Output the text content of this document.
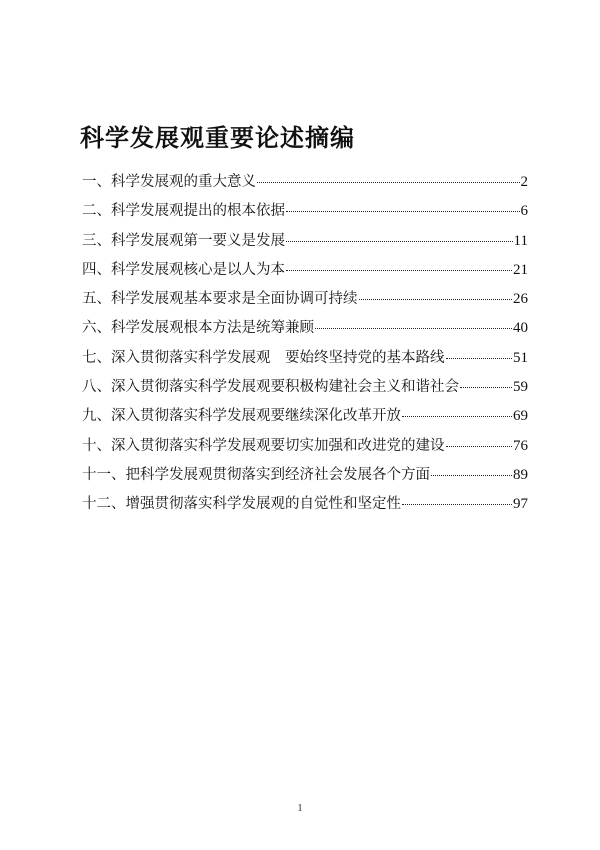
科学发展观重要论述摘编
一、科学发展观的重大意义	2
二、科学发展观提出的根本依据	6
三、科学发展观第一要义是发展	11
四、科学发展观核心是以人为本	21
五、科学发展观基本要求是全面协调可持续	26
六、科学发展观根本方法是统筹兼顾	40
七、深入贯彻落实科学发展观　要始终坚持党的基本路线	51
八、深入贯彻落实科学发展观要积极构建社会主义和谐社会	59
九、深入贯彻落实科学发展观要继续深化改革开放	69
十、深入贯彻落实科学发展观要切实加强和改进党的建设	76
十一、把科学发展观贯彻落实到经济社会发展各个方面	89
十二、增强贯彻落实科学发展观的自觉性和坚定性	97
1
